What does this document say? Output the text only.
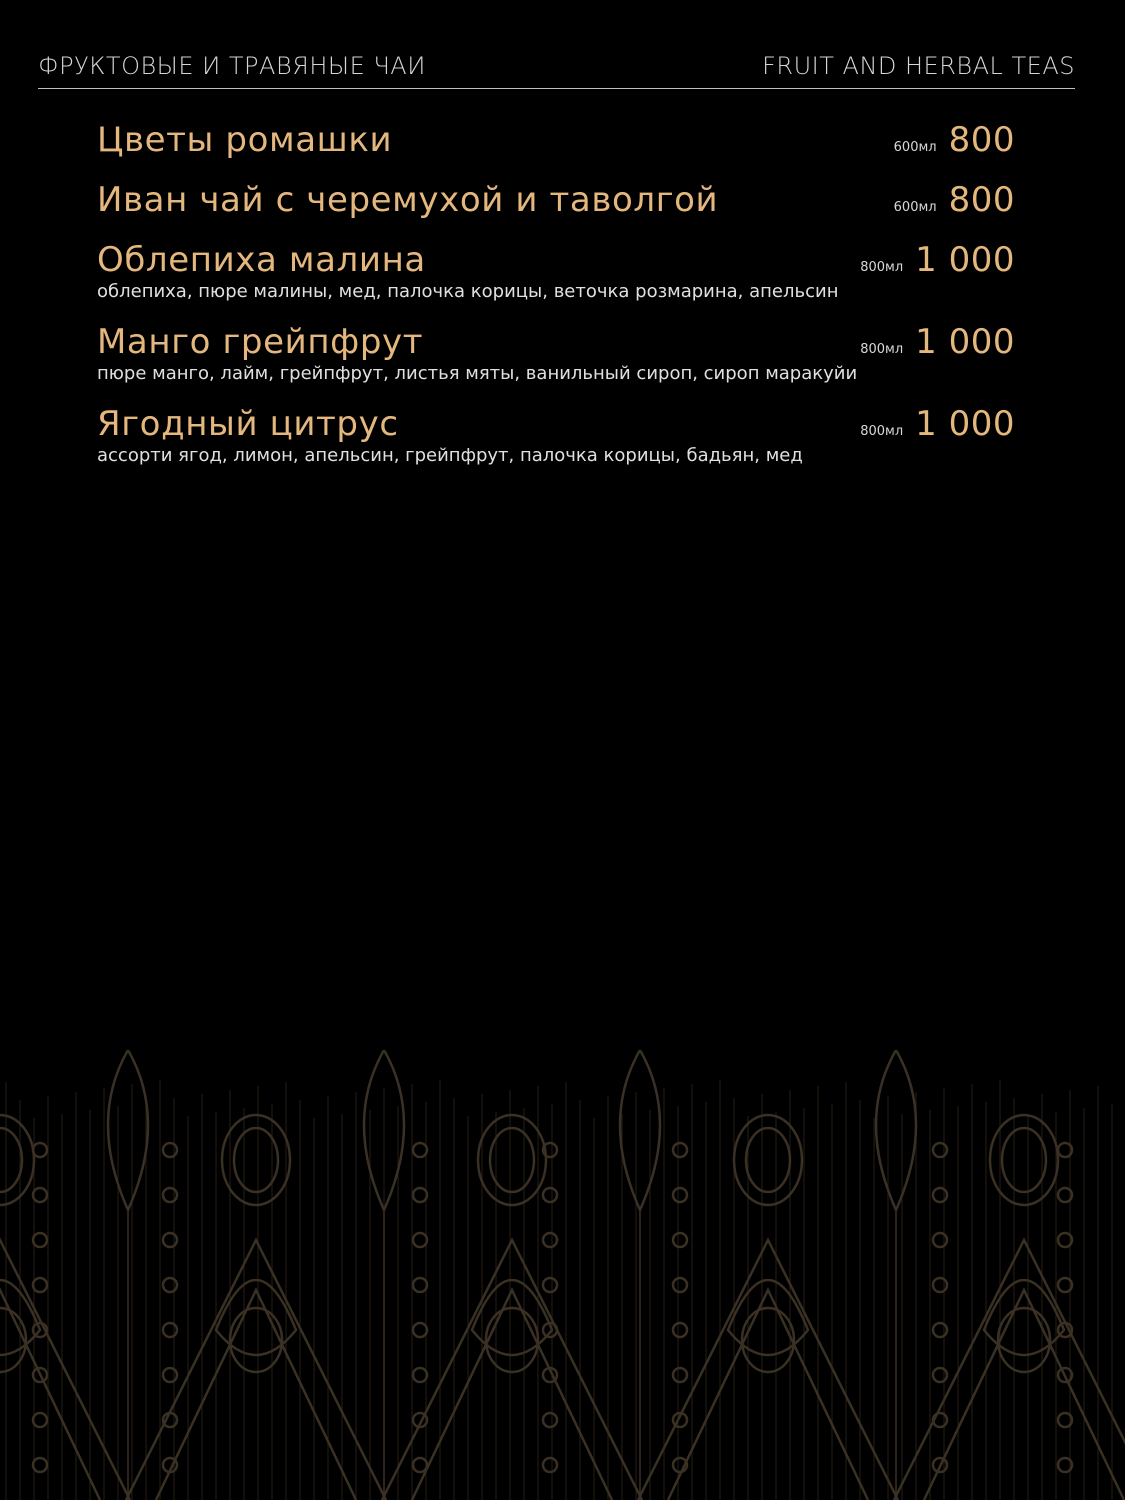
ФРУКТОВЫЕ И ТРАВЯНЫЕ ЧАИ	FRUIT AND HERBAL TEAS
Цветы ромашки	600мл 800
Иван чай с черемухой и таволгой	600мл 800
Облепиха малина	800мл 1 000
облепиха, пюре малины, мед, палочка корицы, веточка розмарина, апельсин
Манго грейпфрут	800мл 1 000
пюре манго, лайм, грейпфрут, листья мяты, ванильный сироп, сироп маракуйи
Ягодный цитрус	800мл 1 000
ассорти ягод, лимон, апельсин, грейпфрут, палочка корицы, бадьян, мед
